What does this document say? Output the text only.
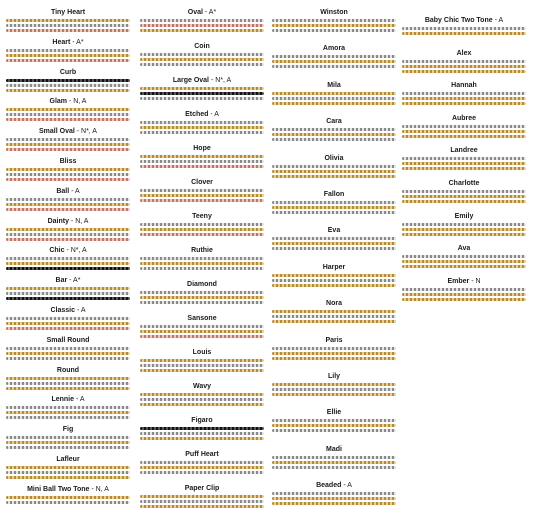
Tiny Heart
Heart - A*
Curb
Glam - N, A
Small Oval - N*, A
Bliss
Ball - A
Dainty - N, A
Chic - N*, A
Bar - A*
Classic - A
Small Round
Round
Lennie - A
Fig
Lafleur
Mini Ball Two Tone - N, A
Oval - A*
Coin
Large Oval - N*, A
Etched - A
Hope
Clover
Teeny
Ruthie
Diamond
Sansone
Louis
Wavy
Figaro
Puff Heart
Paper Clip
Winston
Amora
Mila
Cara
Olivia
Fallon
Eva
Harper
Nora
Paris
Lily
Ellie
Madi
Beaded - A
Baby Chic Two Tone - A
Alex
Hannah
Aubree
Landree
Charlotte
Emily
Ava
Ember - N
